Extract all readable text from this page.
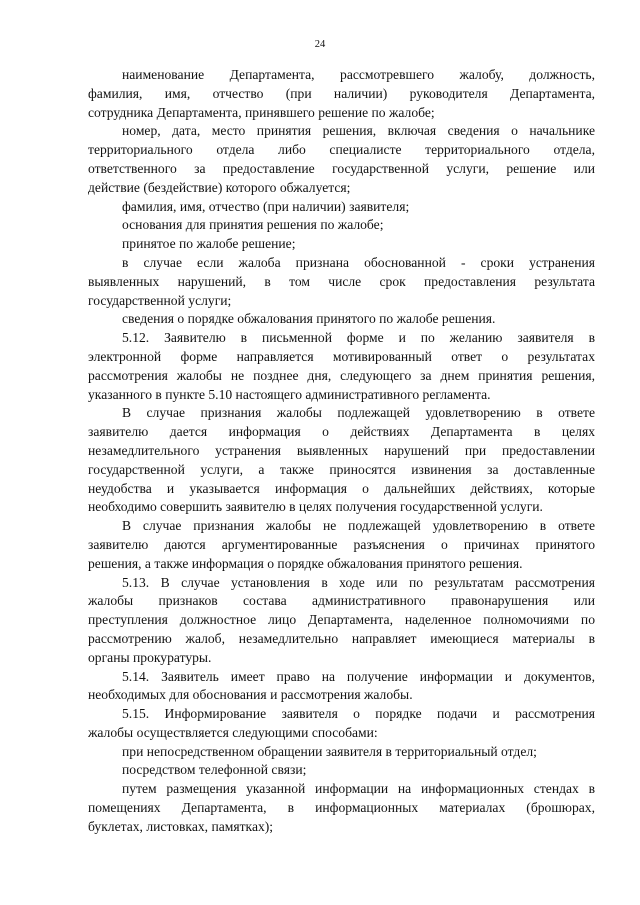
24
наименование Департамента, рассмотревшего жалобу, должность,
фамилия, имя, отчество (при наличии) руководителя Департамента,
сотрудника Департамента, принявшего решение по жалобе;
номер, дата, место принятия решения, включая сведения о начальнике
территориального отдела либо специалисте территориального отдела,
ответственного за предоставление государственной услуги, решение или
действие (бездействие) которого обжалуется;
фамилия, имя, отчество (при наличии) заявителя;
основания для принятия решения по жалобе;
принятое по жалобе решение;
в случае если жалоба признана обоснованной - сроки устранения
выявленных нарушений, в том числе срок предоставления результата
государственной услуги;
сведения о порядке обжалования принятого по жалобе решения.
5.12. Заявителю в письменной форме и по желанию заявителя в
электронной форме направляется мотивированный ответ о результатах
рассмотрения жалобы не позднее дня, следующего за днем принятия решения,
указанного в пункте 5.10 настоящего административного регламента.
В случае признания жалобы подлежащей удовлетворению в ответе
заявителю дается информация о действиях Департамента в целях
незамедлительного устранения выявленных нарушений при предоставлении
государственной услуги, а также приносятся извинения за доставленные
неудобства и указывается информация о дальнейших действиях, которые
необходимо совершить заявителю в целях получения государственной услуги.
В случае признания жалобы не подлежащей удовлетворению в ответе
заявителю даются аргументированные разъяснения о причинах принятого
решения, а также информация о порядке обжалования принятого решения.
5.13. В случае установления в ходе или по результатам рассмотрения
жалобы признаков состава административного правонарушения или
преступления должностное лицо Департамента, наделенное полномочиями по
рассмотрению жалоб, незамедлительно направляет имеющиеся материалы в
органы прокуратуры.
5.14. Заявитель имеет право на получение информации и документов,
необходимых для обоснования и рассмотрения жалобы.
5.15. Информирование заявителя о порядке подачи и рассмотрения
жалобы осуществляется следующими способами:
при непосредственном обращении заявителя в территориальный отдел;
посредством телефонной связи;
путем размещения указанной информации на информационных стендах в
помещениях Департамента, в информационных материалах (брошюрах,
буклетах, листовках, памятках);
